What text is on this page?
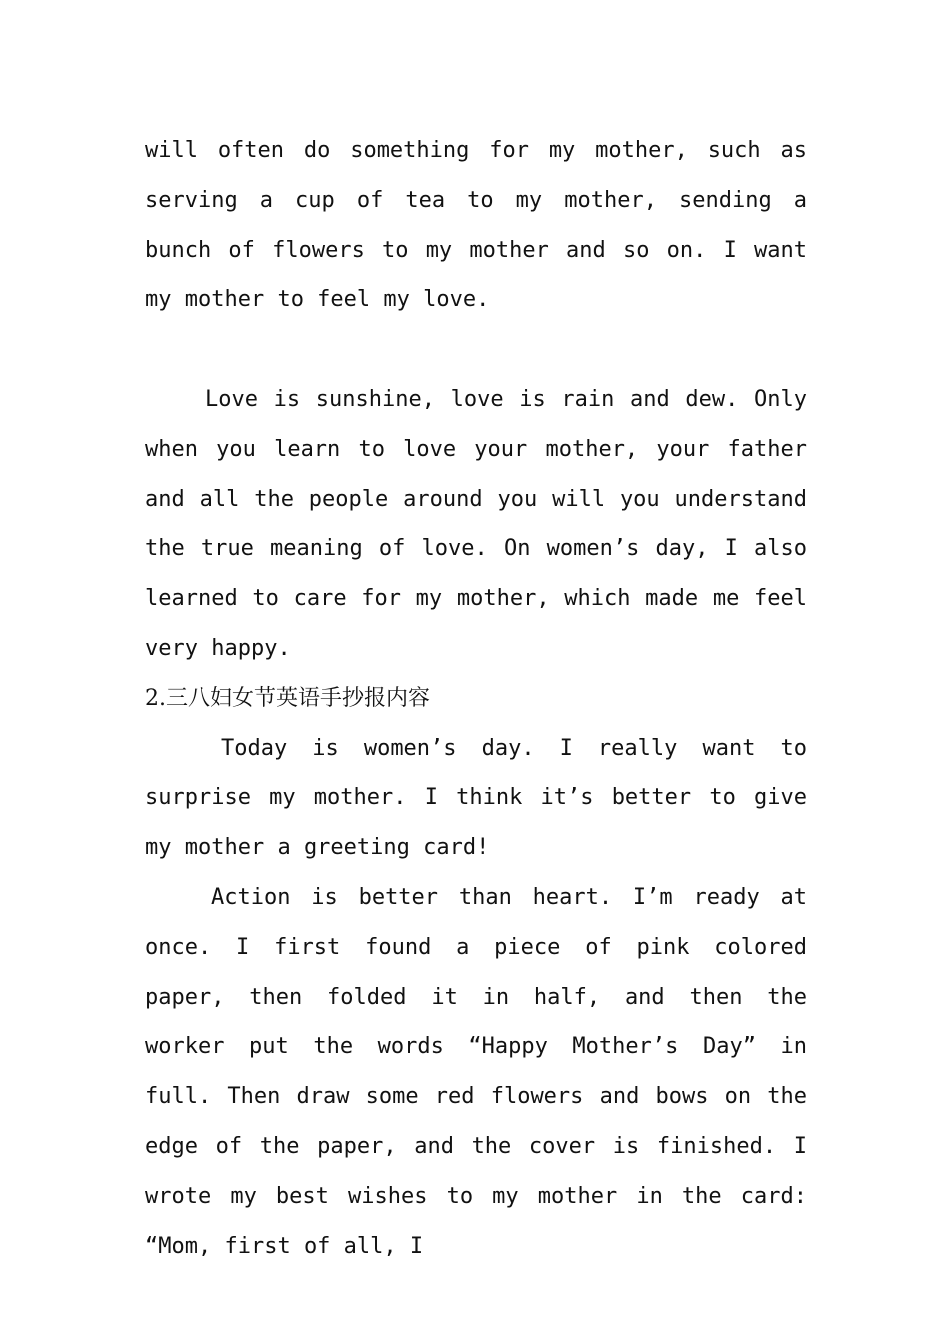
will often do something for my mother, such as serving a cup of tea to my mother, sending a bunch of flowers to my mother and so on. I want my mother to feel my love.

Love is sunshine, love is rain and dew. Only when you learn to love your mother, your father and all the people around you will you understand the true meaning of love. On women’s day, I also learned to care for my mother, which made me feel very happy.

2.三八妇女节英语手抄报内容

Today is women’s day. I really want to surprise my mother. I think it’s better to give my mother a greeting card!

Action is better than heart. I’m ready at once. I first found a piece of pink colored paper, then folded it in half, and then the worker put the words “Happy Mother’s Day” in full. Then draw some red flowers and bows on the edge of the paper, and the cover is finished. I wrote my best wishes to my mother in the card: “Mom, first of all, I
